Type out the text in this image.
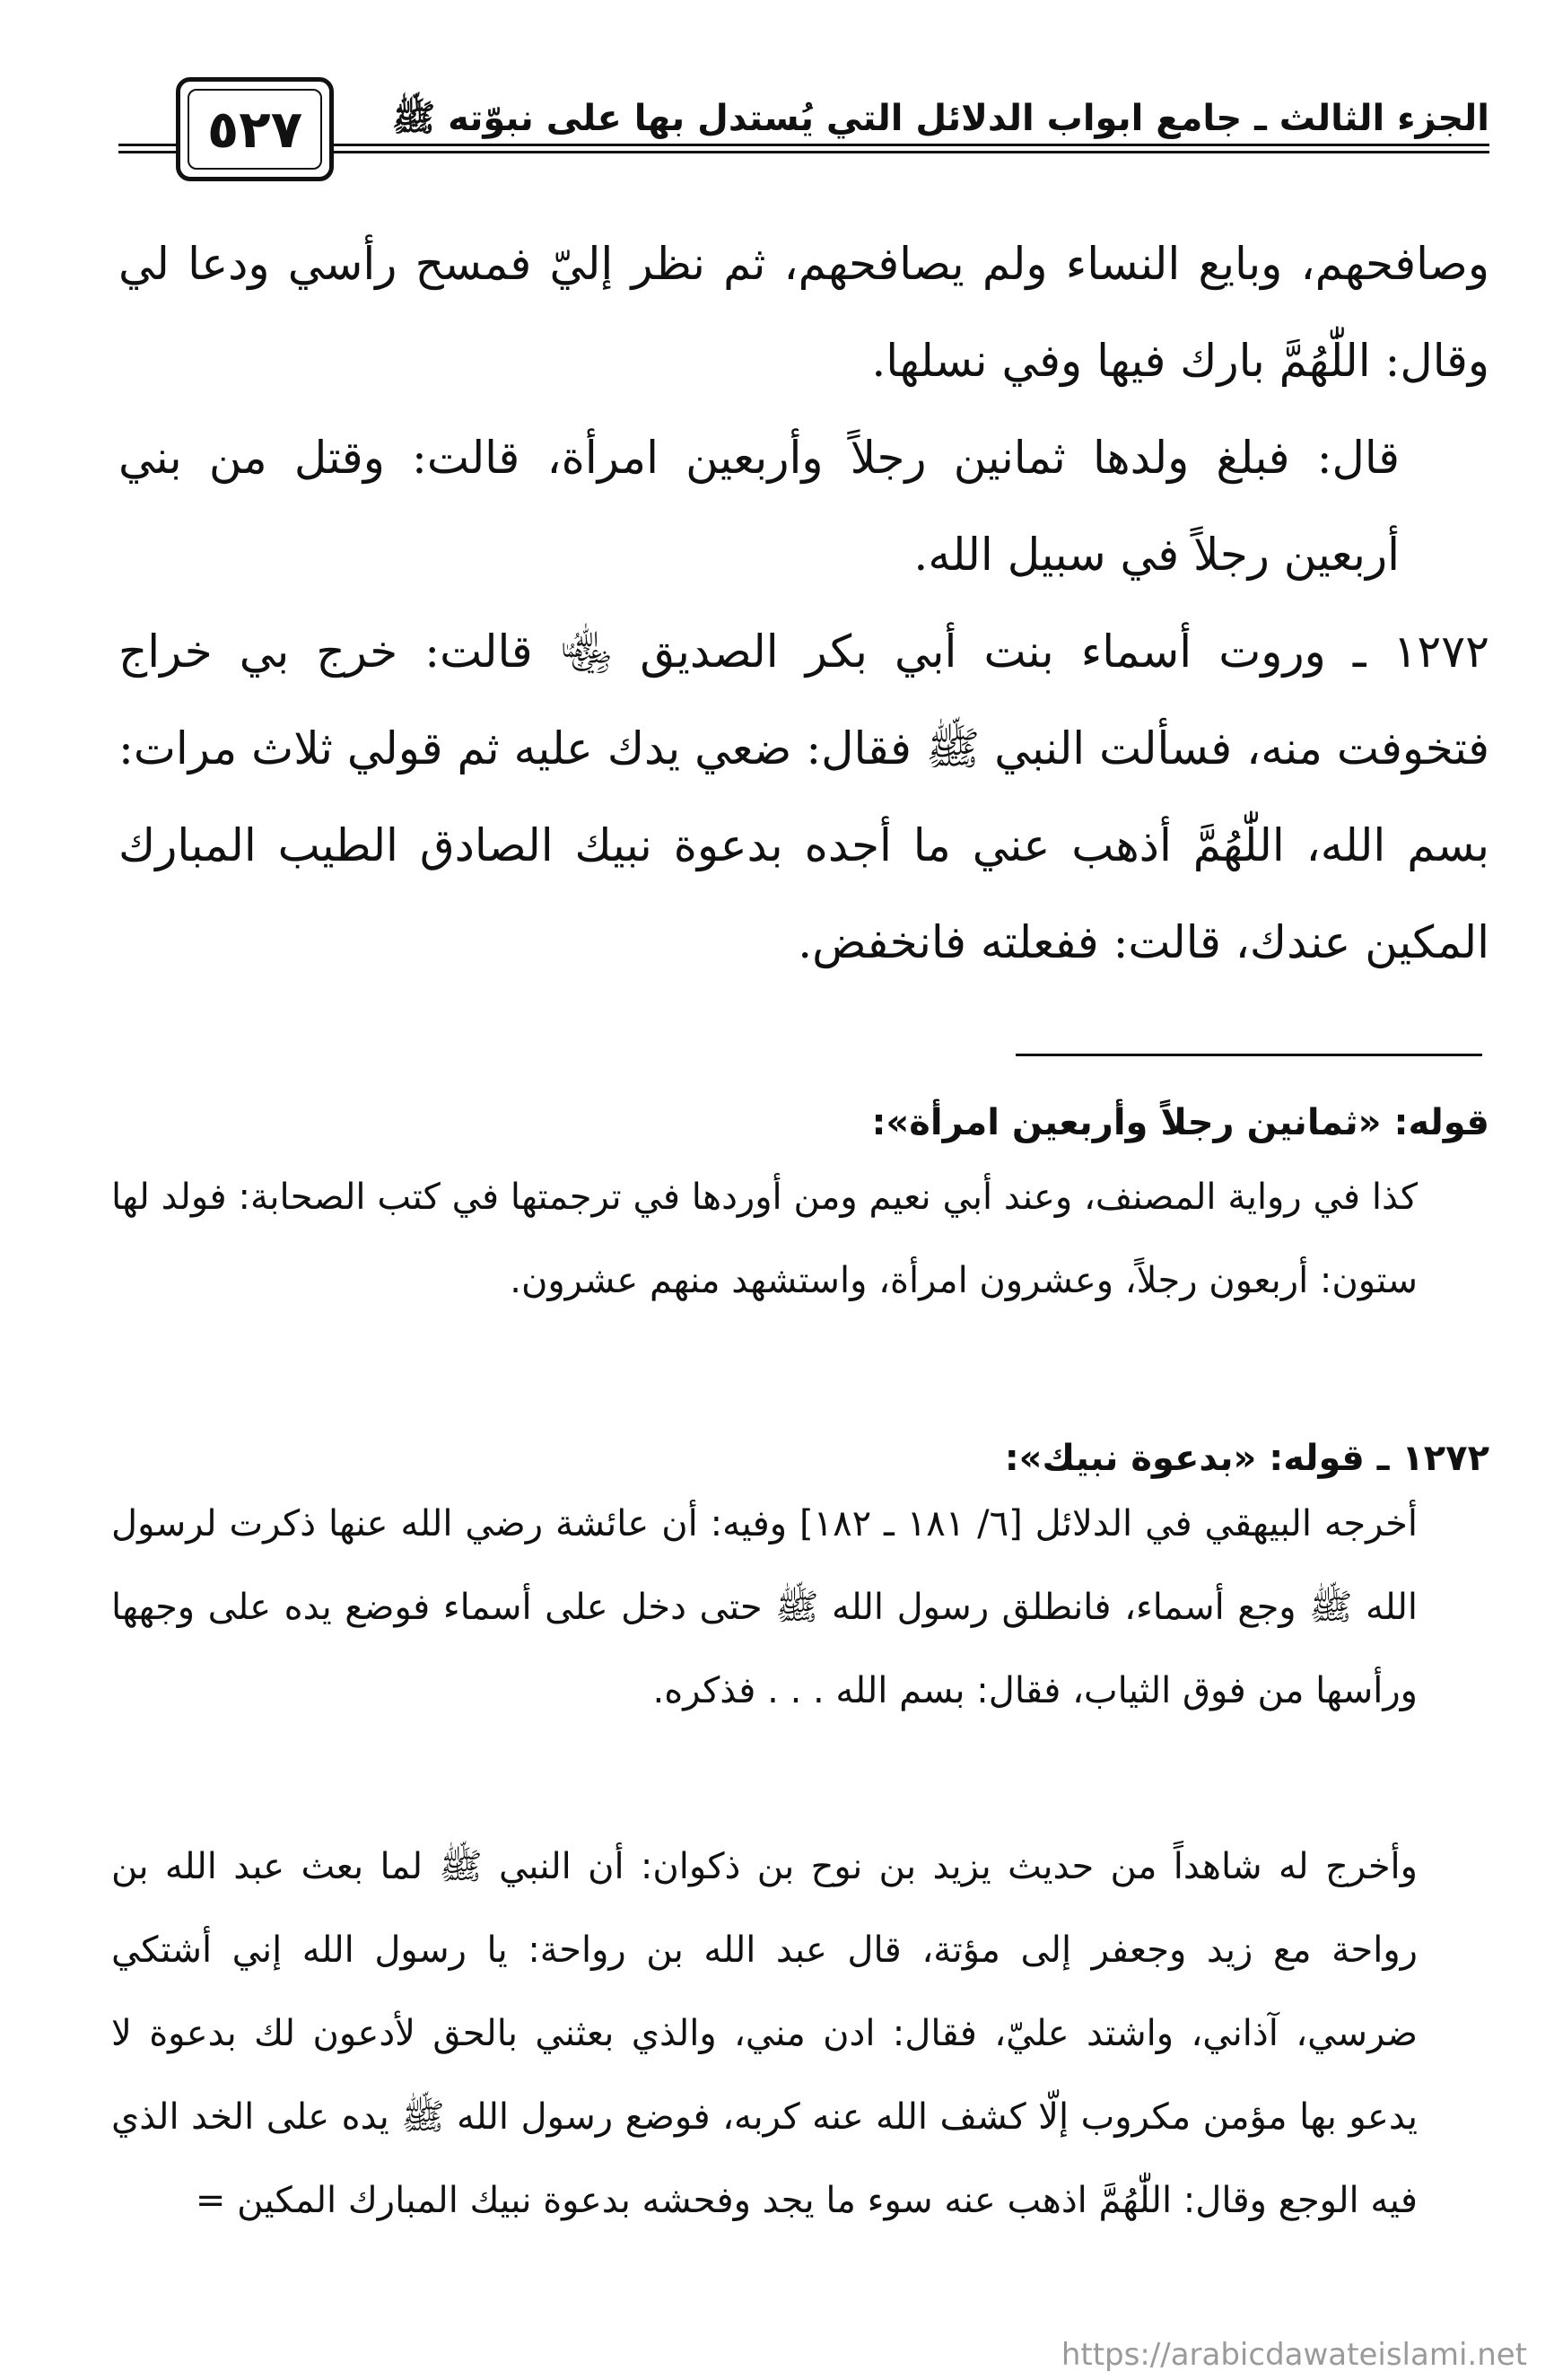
الجزء الثالث ـ جامع ابواب الدلائل التي يُستدل بها على نبوّته ﷺ
٥٢٧

وصافحهم، وبايع النساء ولم يصافحهم، ثم نظر إليّ فمسح رأسي ودعا لي وقال: اللّٰهُمَّ بارك فيها وفي نسلها.

قال: فبلغ ولدها ثمانين رجلاً وأربعين امرأة، قالت: وقتل من بني أربعين رجلاً في سبيل الله.

١٢٧٢ ـ وروت أسماء بنت أبي بكر الصديق ﵄ قالت: خرج بي خراج فتخوفت منه، فسألت النبي ﷺ فقال: ضعي يدك عليه ثم قولي ثلاث مرات: بسم الله، اللّٰهُمَّ أذهب عني ما أجده بدعوة نبيك الصادق الطيب المبارك المكين عندك، قالت: ففعلته فانخفض.

قوله: «ثمانين رجلاً وأربعين امرأة»:

كذا في رواية المصنف، وعند أبي نعيم ومن أوردها في ترجمتها في كتب الصحابة: فولد لها ستون: أربعون رجلاً، وعشرون امرأة، واستشهد منهم عشرون.

١٢٧٢ ـ قوله: «بدعوة نبيك»:

أخرجه البيهقي في الدلائل [٦/ ١٨١ ـ ١٨٢] وفيه: أن عائشة رضي الله عنها ذكرت لرسول الله ﷺ وجع أسماء، فانطلق رسول الله ﷺ حتى دخل على أسماء فوضع يده على وجهها ورأسها من فوق الثياب، فقال: بسم الله . . . فذكره.

وأخرج له شاهداً من حديث يزيد بن نوح بن ذكوان: أن النبي ﷺ لما بعث عبد الله بن رواحة مع زيد وجعفر إلى مؤتة، قال عبد الله بن رواحة: يا رسول الله إني أشتكي ضرسي، آذاني، واشتد عليّ، فقال: ادن مني، والذي بعثني بالحق لأدعون لك بدعوة لا يدعو بها مؤمن مكروب إلّا كشف الله عنه كربه، فوضع رسول الله ﷺ يده على الخد الذي فيه الوجع وقال: اللّٰهُمَّ اذهب عنه سوء ما يجد وفحشه بدعوة نبيك المبارك المكين =

https://arabicdawateislami.net
